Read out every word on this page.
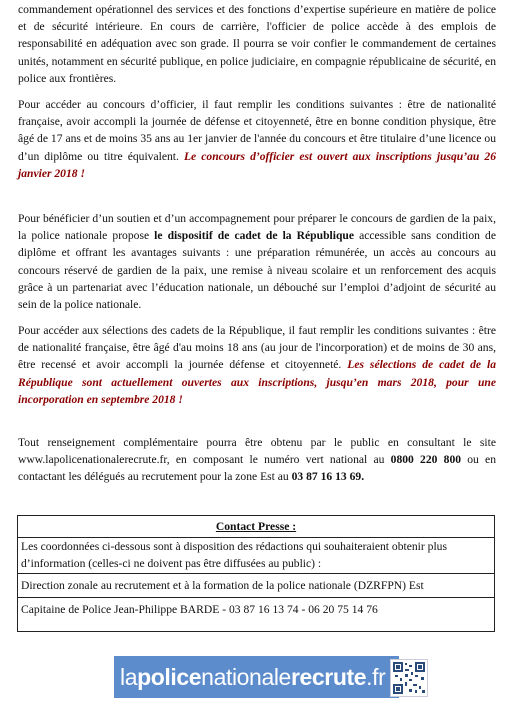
commandement opérationnel des services et des fonctions d’expertise supérieure en matière de police et de sécurité intérieure. En cours de carrière, l'officier de police accède à des emplois de responsabilité en adéquation avec son grade. Il pourra se voir confier le commandement de certaines unités, notamment en sécurité publique, en police judiciaire, en compagnie républicaine de sécurité, en police aux frontières.

Pour accéder au concours d’officier, il faut remplir les conditions suivantes : être de nationalité française, avoir accompli la journée de défense et citoyenneté, être en bonne condition physique, être âgé de 17 ans et de moins 35 ans au 1er janvier de l'année du concours et être titulaire d’une licence ou d’un diplôme ou titre équivalent. Le concours d’officier est ouvert aux inscriptions jusqu’au 26 janvier 2018 !

Pour bénéficier d’un soutien et d’un accompagnement pour préparer le concours de gardien de la paix, la police nationale propose le dispositif de cadet de la République accessible sans condition de diplôme et offrant les avantages suivants : une préparation rémunérée, un accès au concours au concours réservé de gardien de la paix, une remise à niveau scolaire et un renforcement des acquis grâce à un partenariat avec l’éducation nationale, un débouché sur l’emploi d’adjoint de sécurité au sein de la police nationale.

Pour accéder aux sélections des cadets de la République, il faut remplir les conditions suivantes : être de nationalité française, être âgé d'au moins 18 ans (au jour de l'incorporation) et de moins de 30 ans, être recensé et avoir accompli la journée défense et citoyenneté. Les sélections de cadet de la République sont actuellement ouvertes aux inscriptions, jusqu’en mars 2018, pour une incorporation en septembre 2018 !

Tout renseignement complémentaire pourra être obtenu par le public en consultant le site www.lapolicenationalerecrute.fr, en composant le numéro vert national au 0800 220 800 ou en contactant les délégués au recrutement pour la zone Est au 03 87 16 13 69.

Contact Presse :
Les coordonnées ci-dessous sont à disposition des rédactions qui souhaiteraient obtenir plus d’information (celles-ci ne doivent pas être diffusées au public) :
Direction zonale au recrutement et à la formation de la police nationale (DZRFPN) Est
Capitaine de Police Jean-Philippe BARDE - 03 87 16 13 74 - 06 20 75 14 76
lapolicenationalerecrute.fr
